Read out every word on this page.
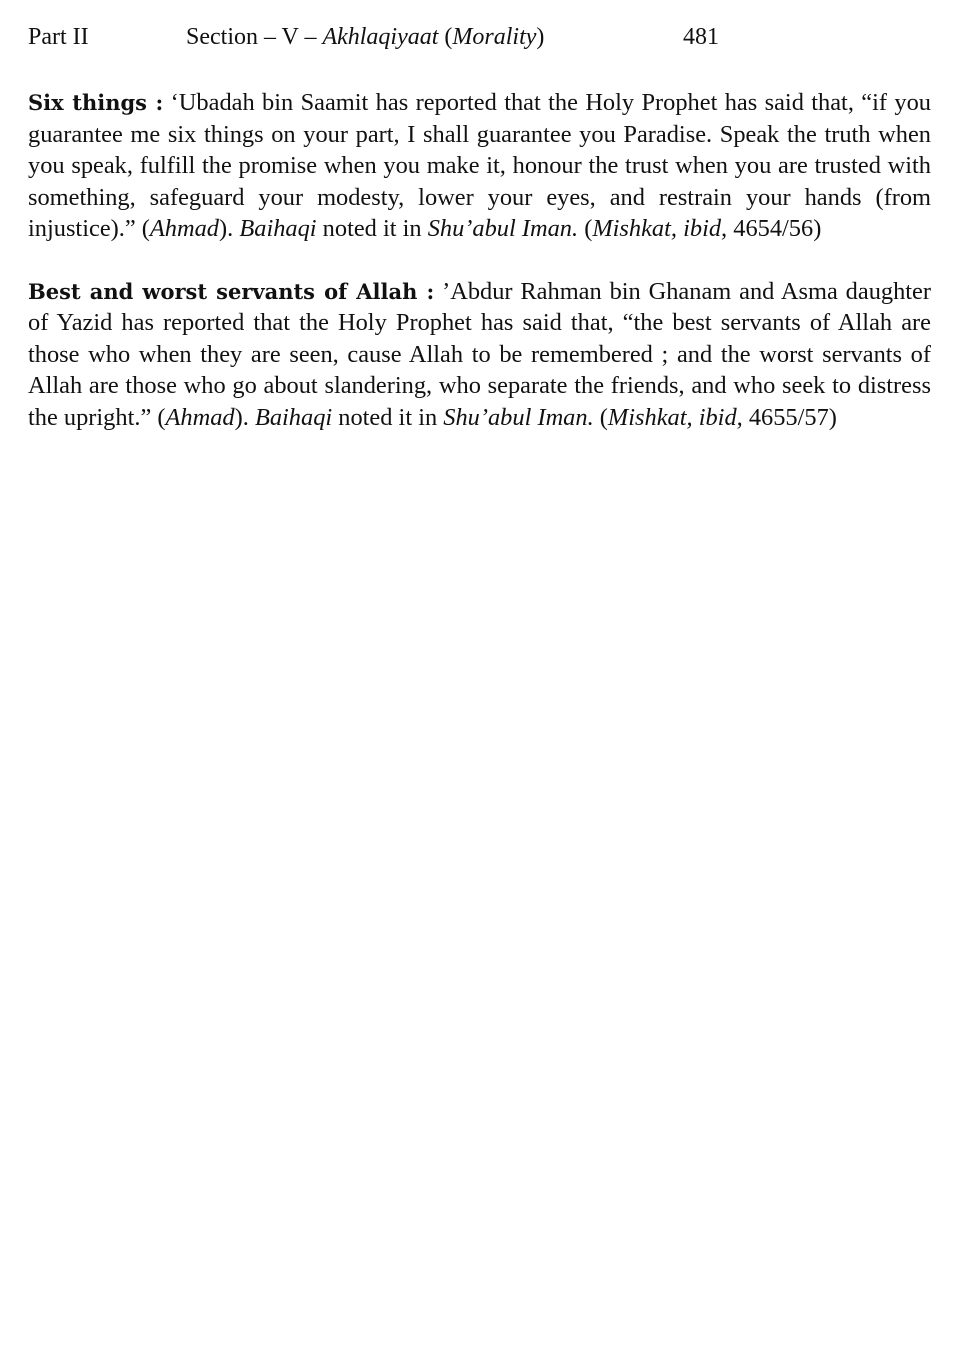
Part II	Section – V – Akhlaqiyaat (Morality)	481

Six things : ‘Ubadah bin Saamit has reported that the Holy Prophet has said that, “if you guarantee me six things on your part, I shall guarantee you Paradise. Speak the truth when you speak, fulfill the promise when you make it, honour the trust when you are trusted with something, safeguard your modesty, lower your eyes, and restrain your hands (from injustice).” (Ahmad). Baihaqi noted it in Shu’abul Iman. (Mishkat, ibid, 4654/56)

Best and worst servants of Allah : ’Abdur Rahman bin Ghanam and Asma daughter of Yazid has reported that the Holy Prophet has said that, “the best servants of Allah are those who when they are seen, cause Allah to be remembered ; and the worst servants of Allah are those who go about slandering, who separate the friends, and who seek to distress the upright.” (Ahmad). Baihaqi noted it in Shu’abul Iman. (Mishkat, ibid, 4655/57)
